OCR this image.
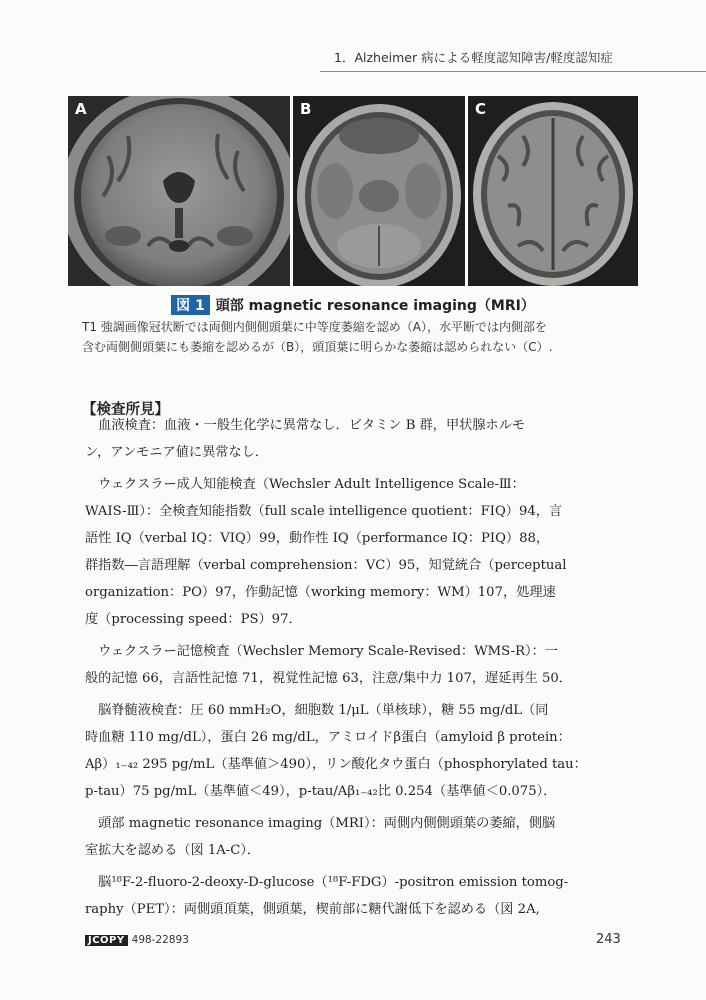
1．Alzheimer 病による軽度認知障害/軽度認知症
A	B	C
図 1 頭部 magnetic resonance imaging（MRI）
T1 強調画像冠状断では両側内側側頭葉に中等度萎縮を認め（A），水平断では内側部を
含む両側側頭葉にも萎縮を認めるが（B），頭頂葉に明らかな萎縮は認められない（C）.
【検査所見】
　血液検査：血液・一般生化学に異常なし．ビタミン B 群，甲状腺ホルモ
ン，アンモニア値に異常なし．
　ウェクスラー成人知能検査（Wechsler Adult Intelligence Scale-Ⅲ：
WAIS-Ⅲ）：全検査知能指数（full scale intelligence quotient：FIQ）94，言
語性 IQ（verbal IQ：VIQ）99，動作性 IQ（performance IQ：PIQ）88，
群指数―言語理解（verbal comprehension：VC）95，知覚統合（perceptual
organization：PO）97，作動記憶（working memory：WM）107，処理速
度（processing speed：PS）97．
　ウェクスラー記憶検査（Wechsler Memory Scale-Revised：WMS-R）：一
般的記憶 66，言語性記憶 71，視覚性記憶 63，注意/集中力 107，遅延再生 50．
　脳脊髄液検査：圧 60 mmH₂O，細胞数 1/μL（単核球），糖 55 mg/dL（同
時血糖 110 mg/dL），蛋白 26 mg/dL，アミロイドβ蛋白（amyloid β protein：
Aβ）₁₋₄₂ 295 pg/mL（基準値＞490），リン酸化タウ蛋白（phosphorylated tau：
p-tau）75 pg/mL（基準値＜49），p-tau/Aβ₁₋₄₂比 0.254（基準値＜0.075）．
　頭部 magnetic resonance imaging（MRI）：両側内側側頭葉の萎縮，側脳
室拡大を認める（図 1A-C）．
　脳¹⁸F-2-fluoro-2-deoxy-D-glucose（¹⁸F-FDG）-positron emission tomog-
raphy（PET）：両側頭頂葉，側頭葉，楔前部に糖代謝低下を認める（図 2A,
JCOPY 498-22893	243
